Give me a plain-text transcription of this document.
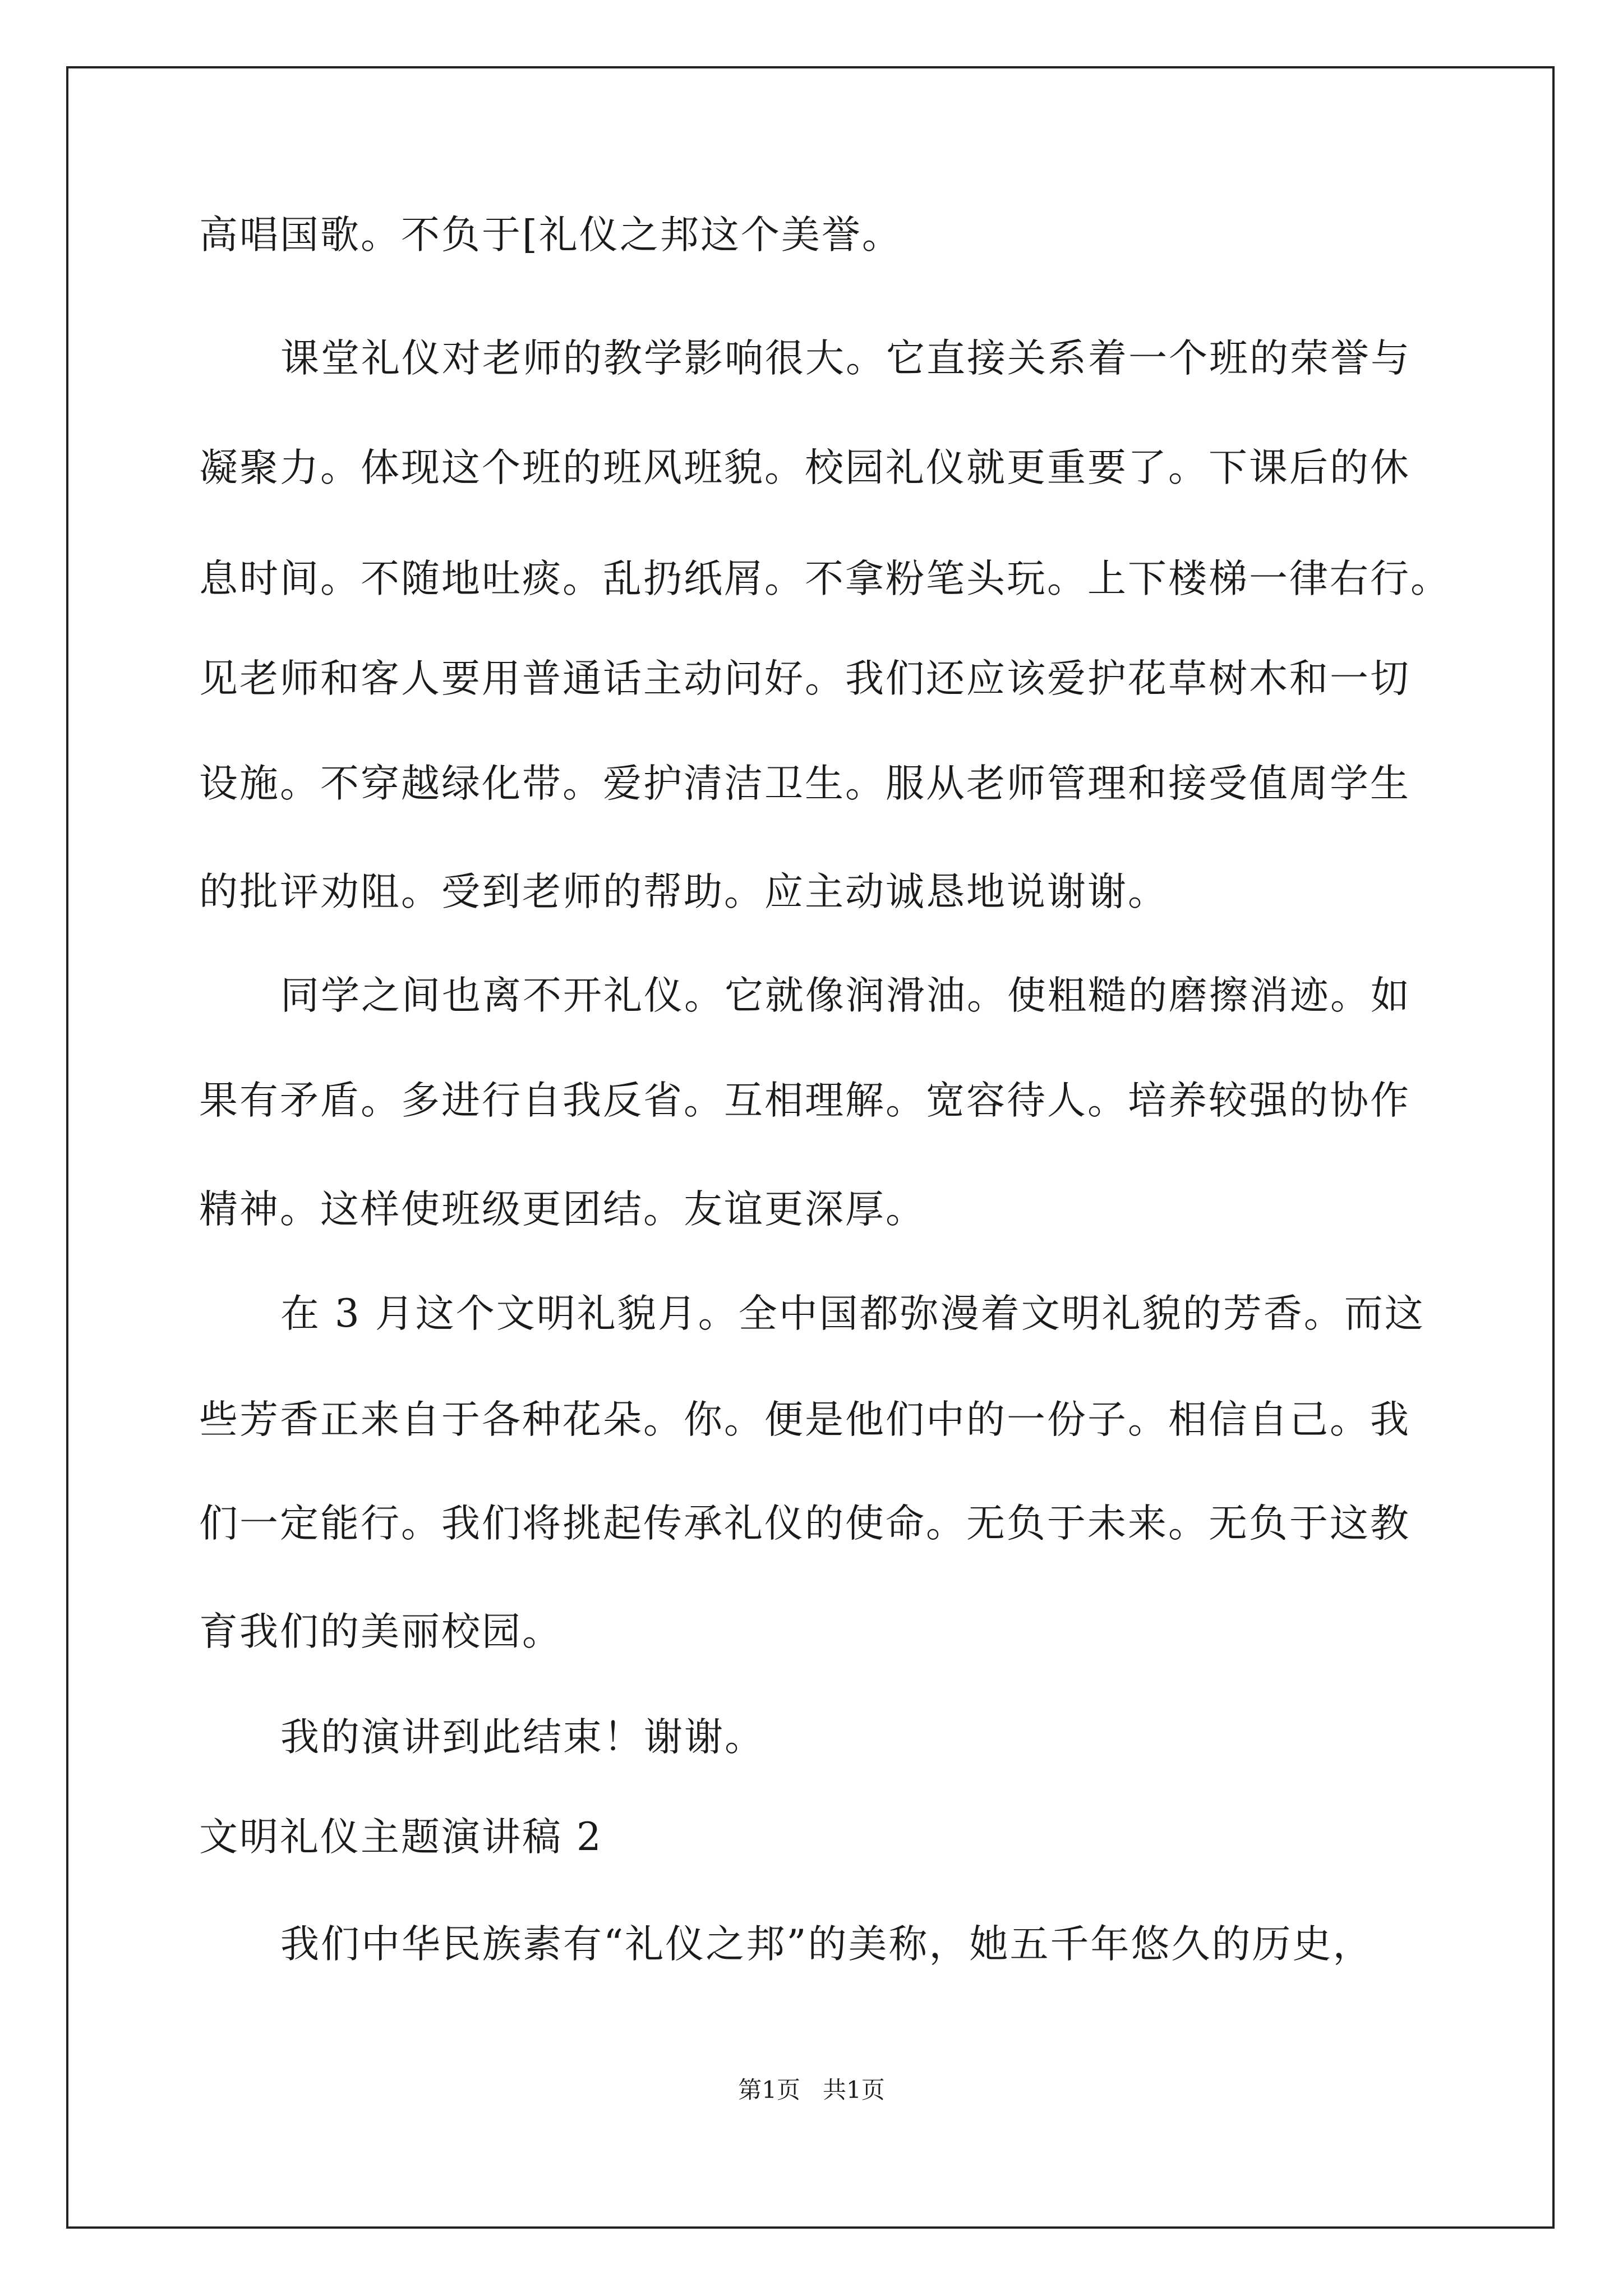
高唱国歌。不负于[礼仪之邦这个美誉。

课堂礼仪对老师的教学影响很大。它直接关系着一个班的荣誉与

凝聚力。体现这个班的班风班貌。校园礼仪就更重要了。下课后的休

息时间。不随地吐痰。乱扔纸屑。不拿粉笔头玩。上下楼梯一律右行。

见老师和客人要用普通话主动问好。我们还应该爱护花草树木和一切

设施。不穿越绿化带。爱护清洁卫生。服从老师管理和接受值周学生

的批评劝阻。受到老师的帮助。应主动诚恳地说谢谢。

同学之间也离不开礼仪。它就像润滑油。使粗糙的磨擦消迹。如

果有矛盾。多进行自我反省。互相理解。宽容待人。培养较强的协作

精神。这样使班级更团结。友谊更深厚。

在 3 月这个文明礼貌月。全中国都弥漫着文明礼貌的芳香。而这

些芳香正来自于各种花朵。你。便是他们中的一份子。相信自己。我

们一定能行。我们将挑起传承礼仪的使命。无负于未来。无负于这教

育我们的美丽校园。

我的演讲到此结束！谢谢。

文明礼仪主题演讲稿 2

我们中华民族素有“礼仪之邦”的美称，她五千年悠久的历史，

第1页   共1页
